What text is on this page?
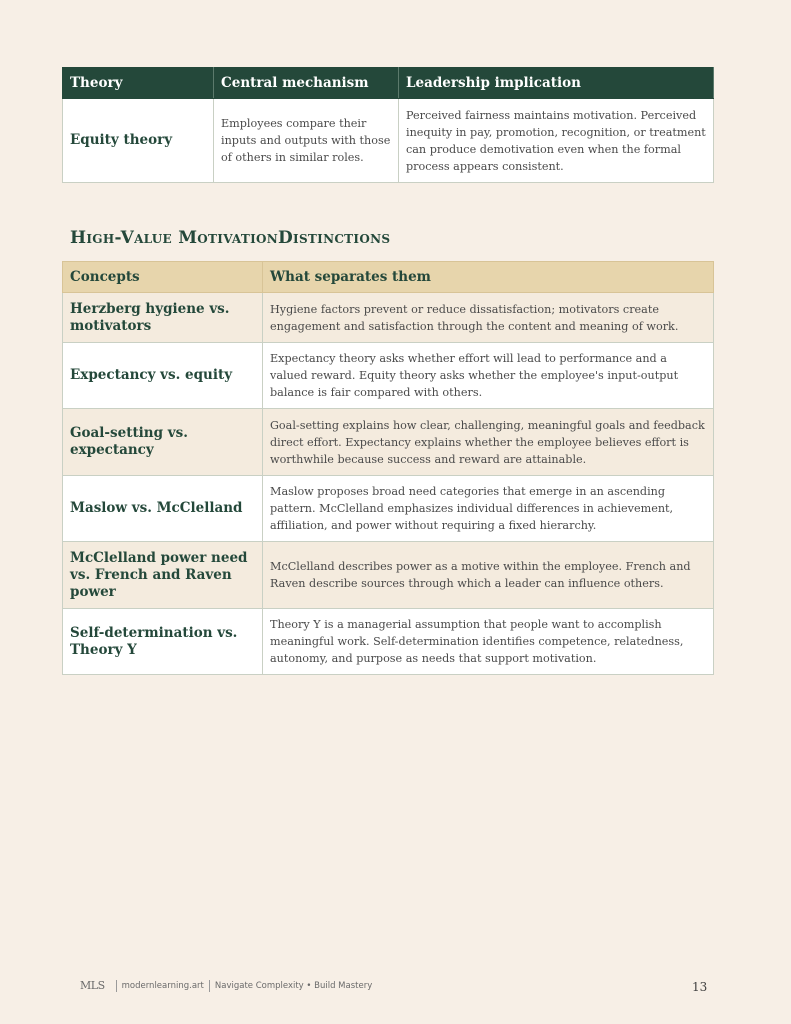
Theory	Central mechanism	Leadership implication
Equity theory	Employees compare their inputs and outputs with those of others in similar roles.	Perceived fairness maintains motivation. Perceived inequity in pay, promotion, recognition, or treatment can produce demotivation even when the formal process appears consistent.
High-Value MotivationDistinctions
Concepts	What separates them
Herzberg hygiene vs. motivators	Hygiene factors prevent or reduce dissatisfaction; motivators create engagement and satisfaction through the content and meaning of work.
Expectancy vs. equity	Expectancy theory asks whether effort will lead to performance and a valued reward. Equity theory asks whether the employee's input-output balance is fair compared with others.
Goal-setting vs. expectancy	Goal-setting explains how clear, challenging, meaningful goals and feedback direct effort. Expectancy explains whether the employee believes effort is worthwhile because success and reward are attainable.
Maslow vs. McClelland	Maslow proposes broad need categories that emerge in an ascending pattern. McClelland emphasizes individual differences in achievement, affiliation, and power without requiring a fixed hierarchy.
McClelland power need vs. French and Raven power	McClelland describes power as a motive within the employee. French and Raven describe sources through which a leader can influence others.
Self-determination vs. Theory Y	Theory Y is a managerial assumption that people want to accomplish meaningful work. Self-determination identifies competence, relatedness, autonomy, and purpose as needs that support motivation.
MLS modernlearning.art Navigate Complexity • Build Mastery	13
